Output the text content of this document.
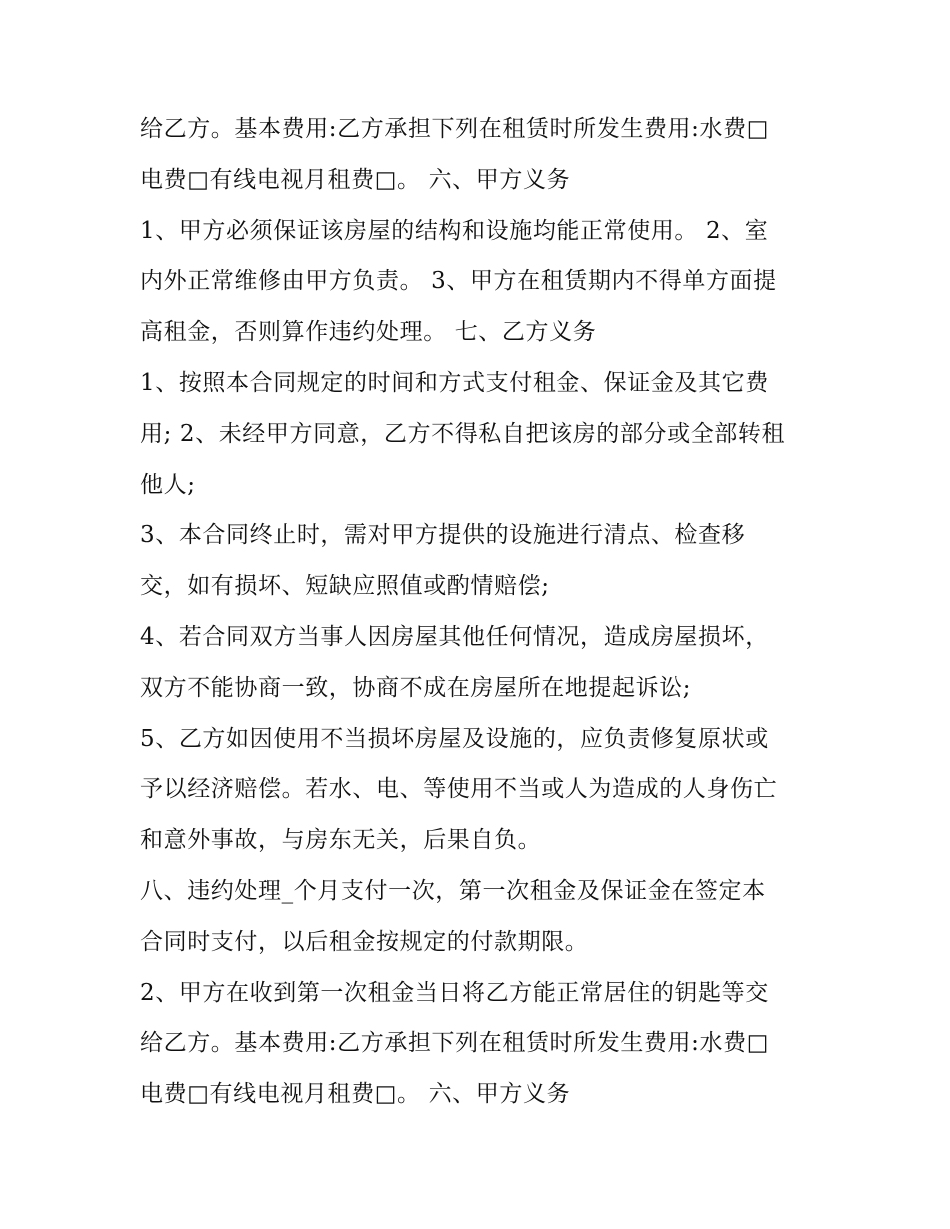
给乙方。基本费用:乙方承担下列在租赁时所发生费用:水费□
电费□有线电视月租费□。 六、甲方义务
1、甲方必须保证该房屋的结构和设施均能正常使用。 2、室
内外正常维修由甲方负责。 3、甲方在租赁期内不得单方面提
高租金，否则算作违约处理。 七、乙方义务
1、按照本合同规定的时间和方式支付租金、保证金及其它费
用; 2、未经甲方同意，乙方不得私自把该房的部分或全部转租
他人;
3、本合同终止时，需对甲方提供的设施进行清点、检查移
交，如有损坏、短缺应照值或酌情赔偿;
4、若合同双方当事人因房屋其他任何情况，造成房屋损坏，
双方不能协商一致，协商不成在房屋所在地提起诉讼;
5、乙方如因使用不当损坏房屋及设施的，应负责修复原状或
予以经济赔偿。若水、电、等使用不当或人为造成的人身伤亡
和意外事故，与房东无关，后果自负。
八、违约处理_个月支付一次，第一次租金及保证金在签定本
合同时支付，以后租金按规定的付款期限。
2、甲方在收到第一次租金当日将乙方能正常居住的钥匙等交
给乙方。基本费用:乙方承担下列在租赁时所发生费用:水费□
电费□有线电视月租费□。 六、甲方义务
